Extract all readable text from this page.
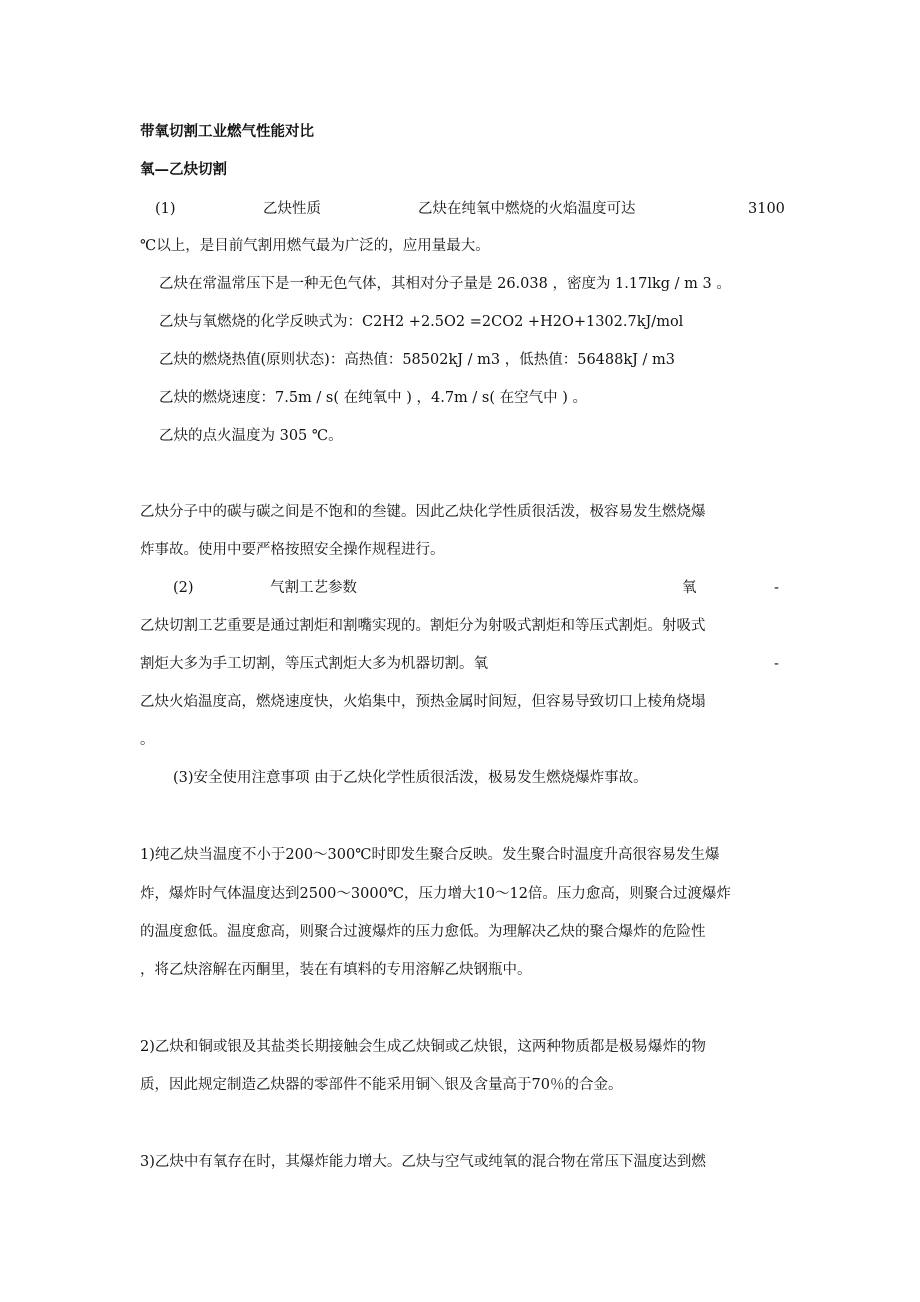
带氧切割工业燃气性能对比
氧—乙炔切割
(1)	乙炔性质	乙炔在纯氧中燃烧的火焰温度可达	3100
℃以上，是目前气割用燃气最为广泛的，应用量最大。
乙炔在常温常压下是一种无色气体，其相对分子量是 26.038 ，密度为 1.17lkg / m 3 。
乙炔与氧燃烧的化学反映式为：C2H2 +2.5O2 =2CO2 +H2O+1302.7kJ/mol
乙炔的燃烧热值(原则状态)：高热值：58502kJ / m3 ，低热值：56488kJ / m3
乙炔的燃烧速度：7.5m / s( 在纯氧中 ) ，4.7m / s( 在空气中 ) 。
乙炔的点火温度为 305 ℃。
乙炔分子中的碳与碳之间是不饱和的叁键。因此乙炔化学性质很活泼，极容易发生燃烧爆
炸事故。使用中要严格按照安全操作规程进行。
(2)	气割工艺参数	氧	-
乙炔切割工艺重要是通过割炬和割嘴实现的。割炬分为射吸式割炬和等压式割炬。射吸式
割炬大多为手工切割，等压式割炬大多为机器切割。氧	-
乙炔火焰温度高，燃烧速度快，火焰集中，预热金属时间短，但容易导致切口上棱角烧塌
。
(3)安全使用注意事项 由于乙炔化学性质很活泼，极易发生燃烧爆炸事故。
1)纯乙炔当温度不小于200～300℃时即发生聚合反映。发生聚合时温度升高很容易发生爆
炸，爆炸时气体温度达到2500～3000℃，压力增大10～12倍。压力愈高，则聚合过渡爆炸
的温度愈低。温度愈高，则聚合过渡爆炸的压力愈低。为理解决乙炔的聚合爆炸的危险性
，将乙炔溶解在丙酮里，装在有填料的专用溶解乙炔钢瓶中。
2)乙炔和铜或银及其盐类长期接触会生成乙炔铜或乙炔银，这两种物质都是极易爆炸的物
质，因此规定制造乙炔器的零部件不能采用铜＼银及含量高于70％的合金。
3)乙炔中有氧存在时，其爆炸能力增大。乙炔与空气或纯氧的混合物在常压下温度达到燃
